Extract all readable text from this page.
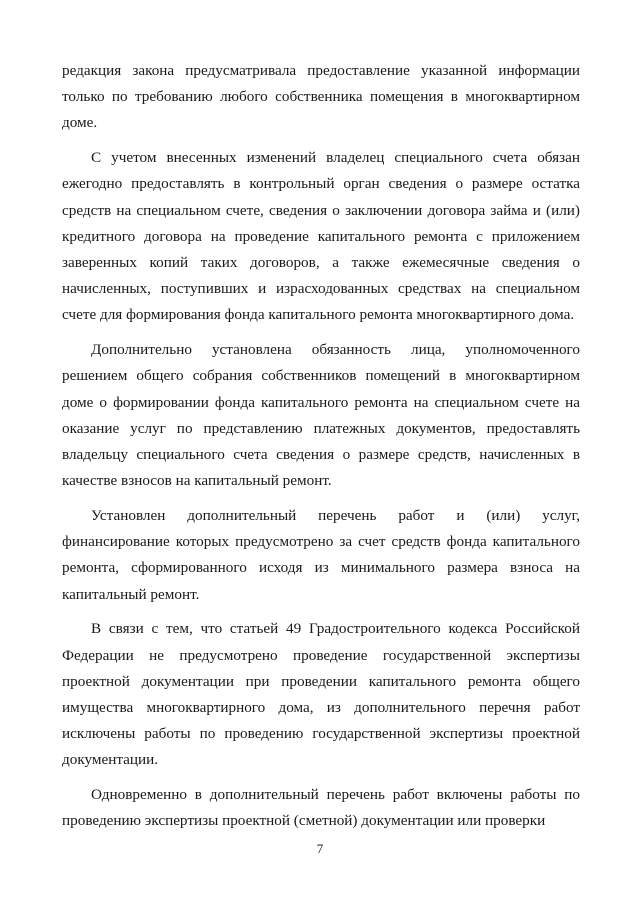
редакция закона предусматривала предоставление указанной информации только по требованию любого собственника помещения в многоквартирном доме.

С учетом внесенных изменений владелец специального счета обязан ежегодно предоставлять в контрольный орган сведения о размере остатка средств на специальном счете, сведения о заключении договора займа и (или) кредитного договора на проведение капитального ремонта с приложением заверенных копий таких договоров, а также ежемесячные сведения о начисленных, поступивших и израсходованных средствах на специальном счете для формирования фонда капитального ремонта многоквартирного дома.

Дополнительно установлена обязанность лица, уполномоченного решением общего собрания собственников помещений в многоквартирном доме о формировании фонда капитального ремонта на специальном счете на оказание услуг по представлению платежных документов, предоставлять владельцу специального счета сведения о размере средств, начисленных в качестве взносов на капитальный ремонт.

Установлен дополнительный перечень работ и (или) услуг, финансирование которых предусмотрено за счет средств фонда капитального ремонта, сформированного исходя из минимального размера взноса на капитальный ремонт.

В связи с тем, что статьей 49 Градостроительного кодекса Российской Федерации не предусмотрено проведение государственной экспертизы проектной документации при проведении капитального ремонта общего имущества многоквартирного дома, из дополнительного перечня работ исключены работы по проведению государственной экспертизы проектной документации.

Одновременно в дополнительный перечень работ включены работы по проведению экспертизы проектной (сметной) документации или проверки

7
